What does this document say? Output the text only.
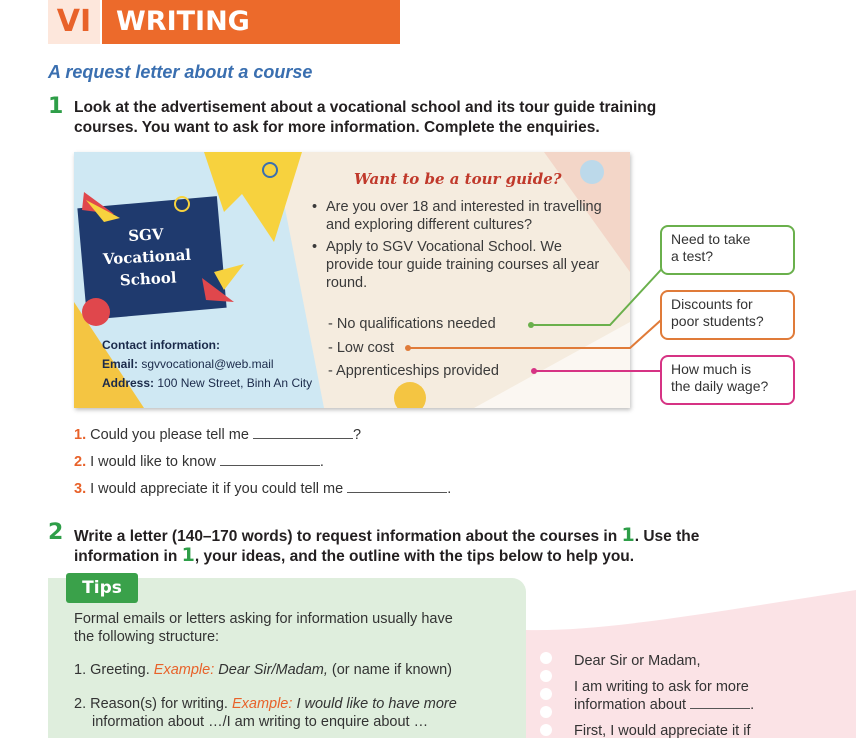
VI WRITING
A request letter about a course
1 Look at the advertisement about a vocational school and its tour guide training
courses. You want to ask for more information. Complete the enquiries.
SGV
Vocational
School
Contact information:
Email: sgvvocational@web.mail
Address: 100 New Street, Binh An City
Want to be a tour guide?
• Are you over 18 and interested in travelling and exploring different cultures?
• Apply to SGV Vocational School. We provide tour guide training courses all year round.
- No qualifications needed
- Low cost
- Apprenticeships provided
Need to take
a test?
Discounts for
poor students?
How much is
the daily wage?
1. Could you please tell me	?
2. I would like to know	.
3. I would appreciate it if you could tell me	.
2 Write a letter (140–170 words) to request information about the courses in 1. Use the
information in 1, your ideas, and the outline with the tips below to help you.
Tips
Formal emails or letters asking for information usually have
the following structure:
1. Greeting. Example: Dear Sir/Madam, (or name if known)
2. Reason(s) for writing. Example: I would like to have more
information about …/I am writing to enquire about …
Dear Sir or Madam,
I am writing to ask for more
information about	.
First, I would appreciate it if
